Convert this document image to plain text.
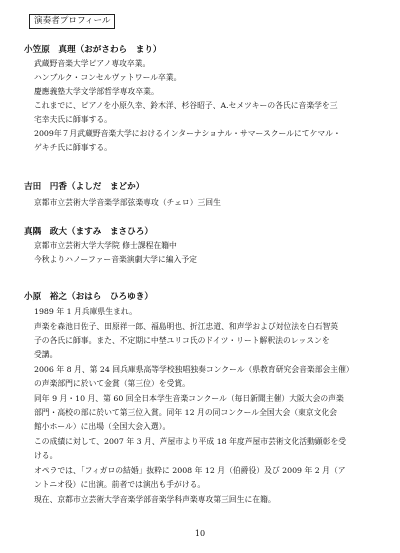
演奏者プロフィール
小笠原　真理（おがさわら　まり）
武蔵野音楽大学ピアノ専攻卒業。
ハンブルク・コンセルヴァトワール卒業。
慶應義塾大学文学部哲学専攻卒業。
これまでに、ピアノを小原久幸、鈴木洋、杉谷昭子、A.セメツキーの各氏に音楽学を三
宅幸夫氏に師事する。
2009年７月武蔵野音楽大学におけるインターナショナル・サマースクールにてケマル・
ゲキチ氏に師事する。
吉田　円香（よしだ　まどか）
京都市立芸術大学音楽学部弦楽専攻（チェロ）三回生
真隅　政大（ますみ　まさひろ）
京都市立芸術大学大学院 修士課程在籍中
今秋よりハノーファー音楽演劇大学に編入予定
小原　裕之（おはら　ひろゆき）
1989 年 1 月兵庫県生まれ。
声楽を森池日佐子、田原祥一郎、福島明也、折江忠道、和声学および対位法を白石智英
子の各氏に師事。また、不定期に中埜ユリコ氏のドイツ・リート解釈法のレッスンを
受講。
2006 年 8 月、第 24 回兵庫県高等学校独唱独奏コンクール（県教育研究会音楽部会主催）
の声楽部門に於いて金賞（第三位）を受賞。
同年 9 月・10 月、第 60 回全日本学生音楽コンクール（毎日新聞主催）大阪大会の声楽
部門・高校の部に於いて第三位入賞。同年 12 月の同コンクール全国大会（東京文化会
館小ホール）に出場（全国大会入選）。
この成績に対して、2007 年 3 月、芦屋市より平成 18 年度芦屋市芸術文化活動顕彰を受
ける。
オペラでは、「フィガロの結婚」抜粋に 2008 年 12 月（伯爵役）及び 2009 年 2 月（ア
ントニオ役）に出演。前者では演出も手がける。
現在、京都市立芸術大学音楽学部音楽学科声楽専攻第三回生に在籍。
10
